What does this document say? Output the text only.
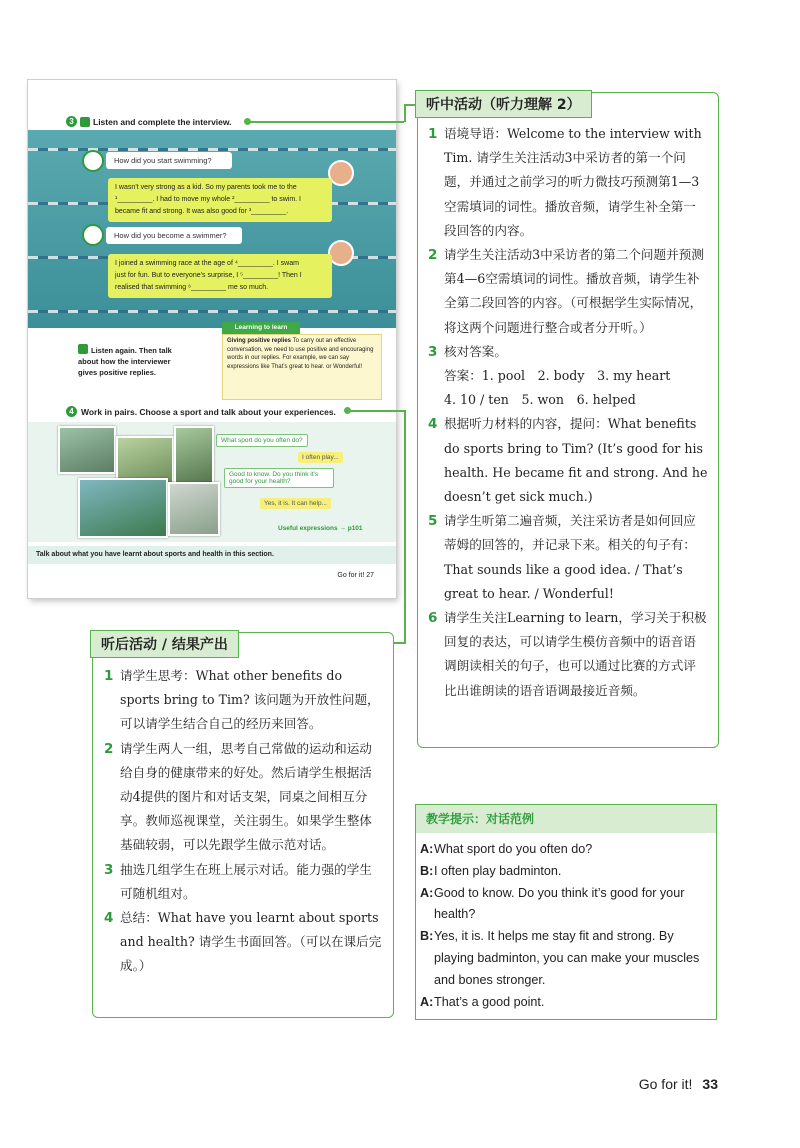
3	Listen and complete the interview.
How did you start swimming?
I wasn’t very strong as a kid. So my parents took me to the
¹_________. I had to move my whole ²_________ to swim. I
became fit and strong. It was also good for ³_________.
How did you become a swimmer?
I joined a swimming race at the age of ⁴_________. I swam
just for fun. But to everyone’s surprise, I ⁵_________! Then I
realised that swimming ⁶_________ me so much.
Listen again. Then talk
about how the interviewer
gives positive replies.
Learning to learn
Giving positive replies To carry out an effective conversation, we need to use positive and encouraging words in our replies. For example, we can say expressions like That’s great to hear. or Wonderful!
4 Work in pairs. Choose a sport and talk about your experiences.
What sport do you often do?
I often play...
Good to know. Do you think it’s good for your health?
Yes, it is. It can help...
Useful expressions → p101
Talk about what you have learnt about sports and health in this section.
Go for it! 27
听中活动（听力理解 2）
1 语境导语：Welcome to the interview with Tim. 请学生关注活动3中采访者的第一个问题，并通过之前学习的听力微技巧预测第1—3空需填词的词性。播放音频，请学生补全第一段回答的内容。
2 请学生关注活动3中采访者的第二个问题并预测第4—6空需填词的词性。播放音频，请学生补全第二段回答的内容。（可根据学生实际情况，将这两个问题进行整合或者分开听。）
3 核对答案。
答案：1. pool　2. body　3. my heart
4. 10 / ten　5. won　6. helped
4 根据听力材料的内容，提问：What benefits do sports bring to Tim? (It’s good for his health. He became fit and strong. And he doesn’t get sick much.)
5 请学生听第二遍音频，关注采访者是如何回应蒂姆的回答的，并记录下来。相关的句子有：That sounds like a good idea. / That’s great to hear. / Wonderful!
6 请学生关注Learning to learn，学习关于积极回复的表达，可以请学生模仿音频中的语音语调朗读相关的句子，也可以通过比赛的方式评比出谁朗读的语音语调最接近音频。
听后活动 / 结果产出
1 请学生思考：What other benefits do sports bring to Tim? 该问题为开放性问题，可以请学生结合自己的经历来回答。
2 请学生两人一组，思考自己常做的运动和运动给自身的健康带来的好处。然后请学生根据活动4提供的图片和对话支架，同桌之间相互分享。教师巡视课堂，关注弱生。如果学生整体基础较弱，可以先跟学生做示范对话。
3 抽选几组学生在班上展示对话。能力强的学生可随机组对。
4 总结：What have you learnt about sports and health? 请学生书面回答。（可以在课后完成。）
教学提示：对话范例
A: What sport do you often do?
B: I often play badminton.
A: Good to know. Do you think it’s good for your health?
B: Yes, it is. It helps me stay fit and strong. By playing badminton, you can make your muscles and bones stronger.
A: That’s a good point.
Go for it! 33
